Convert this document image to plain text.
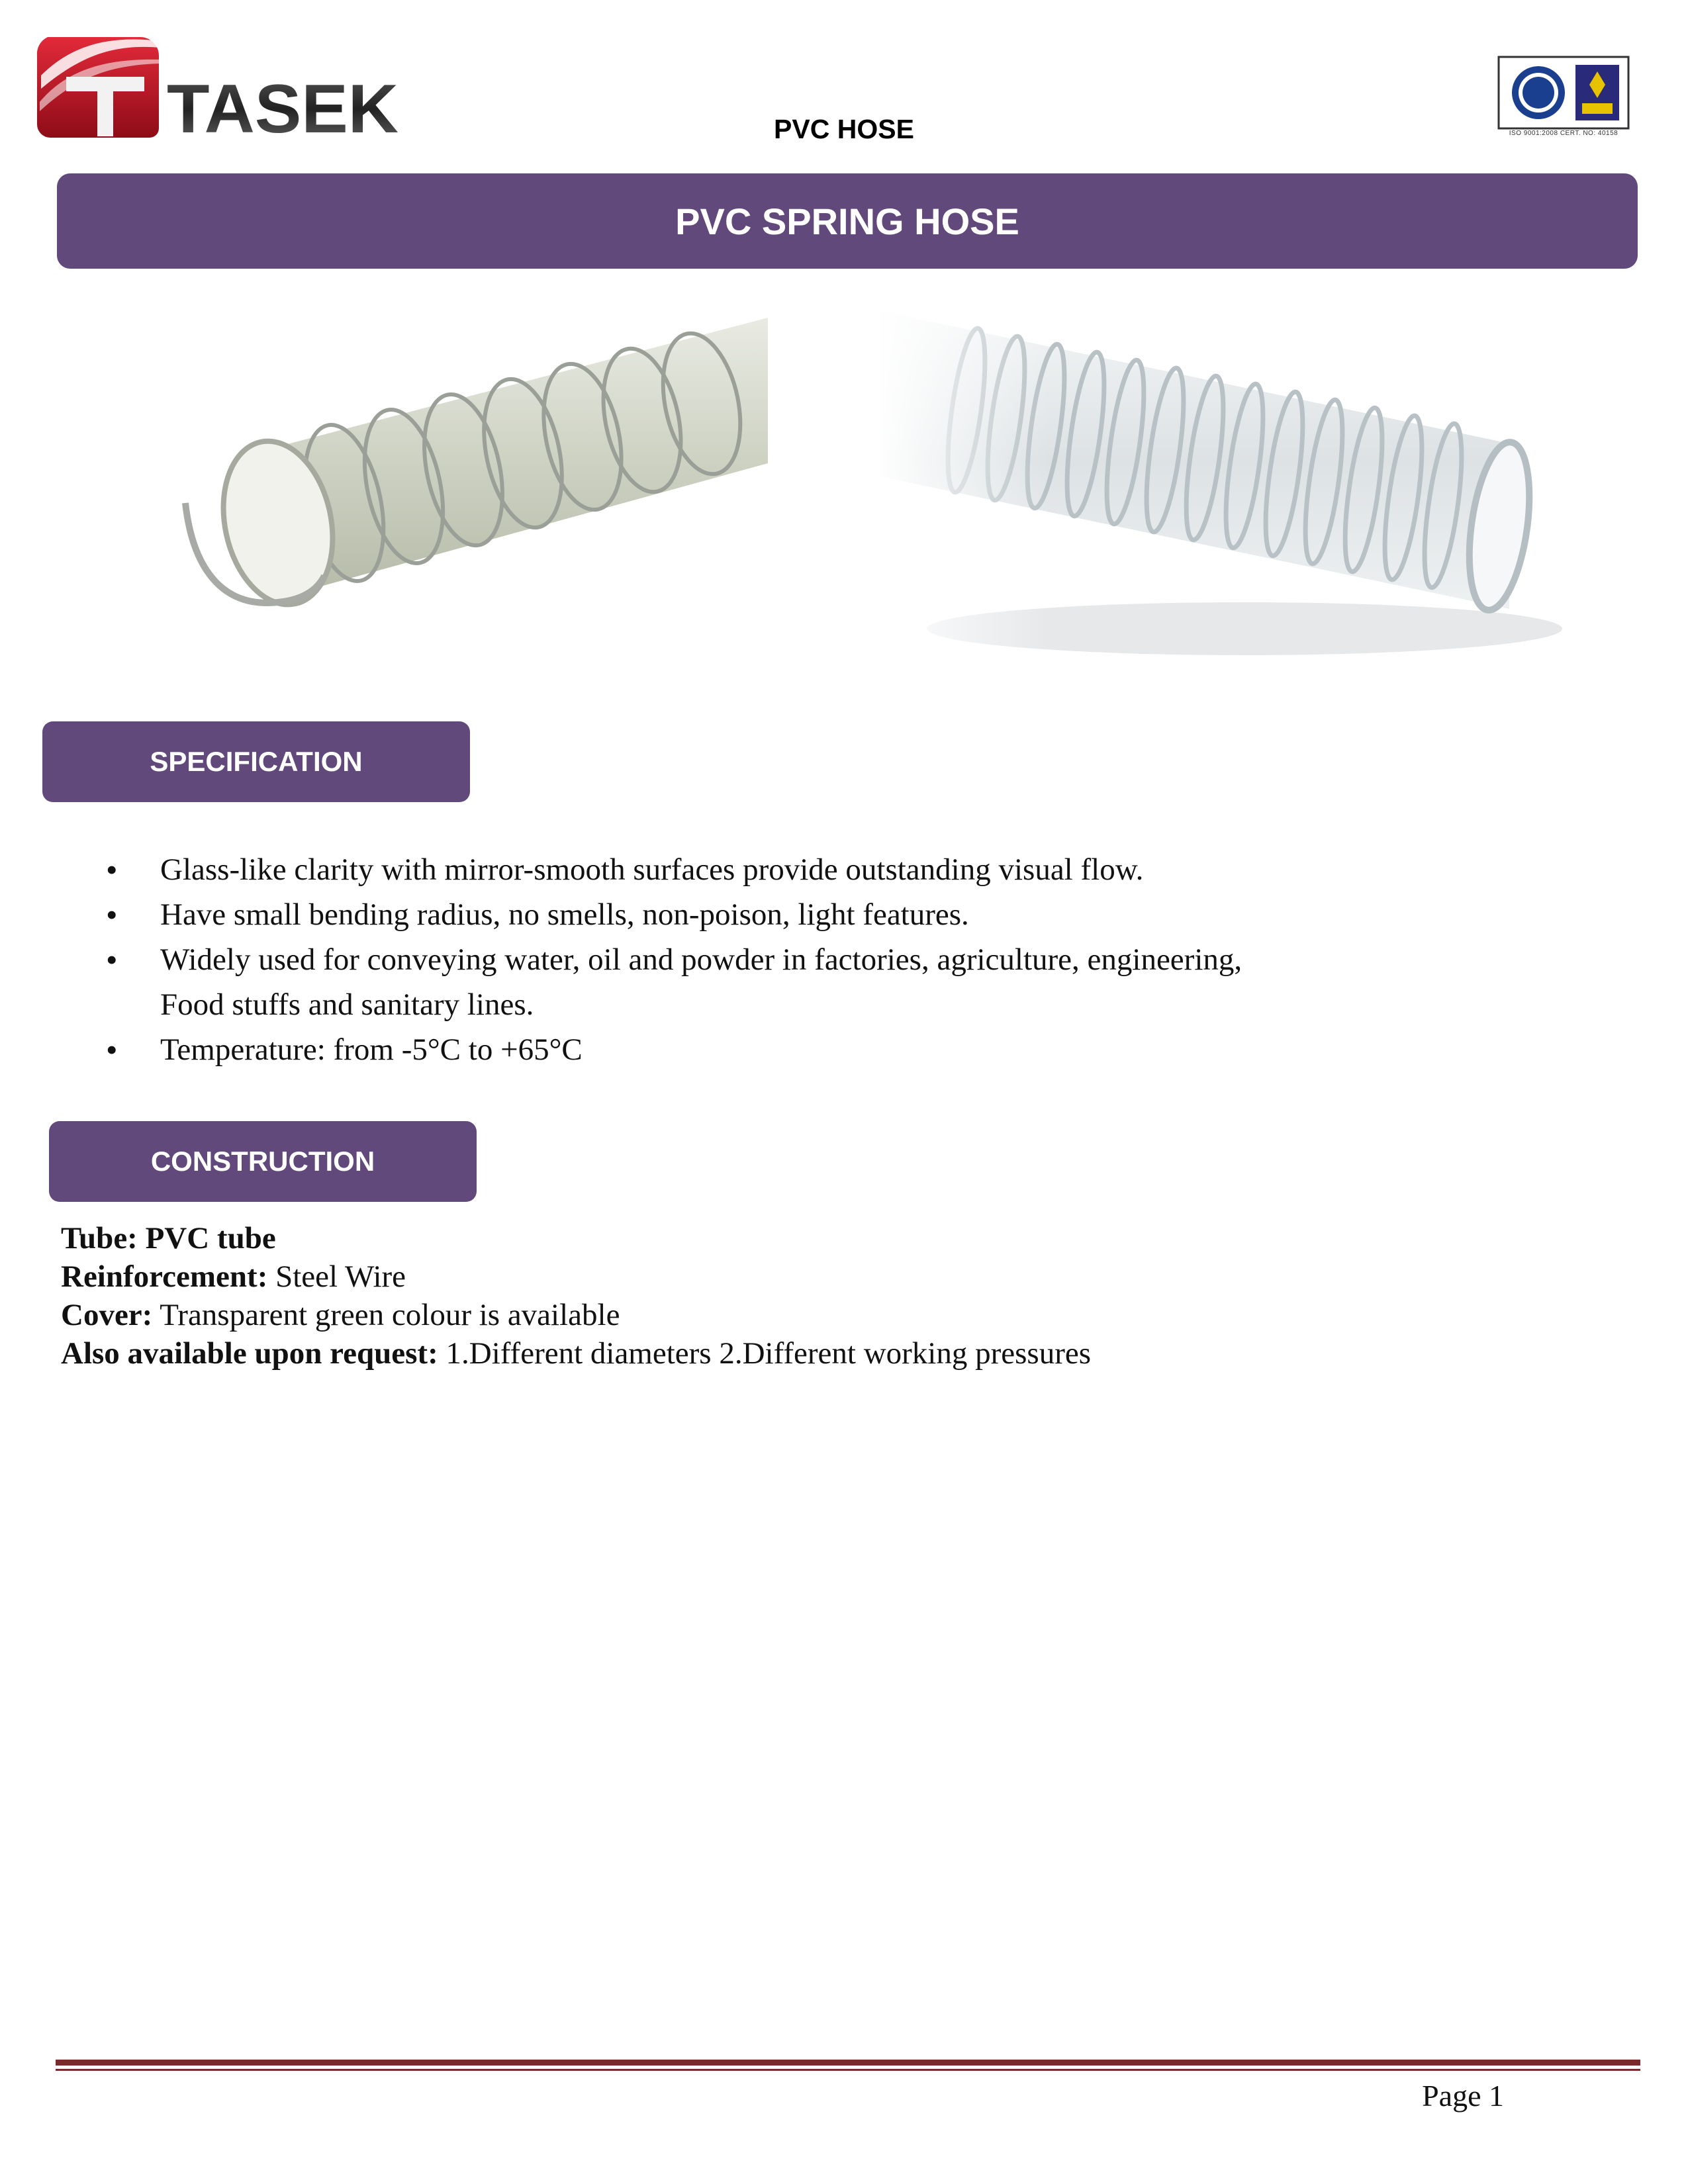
TASEK	PVC HOSE	ISO 9001:2008 CERT. NO: 40158
PVC SPRING HOSE
SPECIFICATION
• Glass-like clarity with mirror-smooth surfaces provide outstanding visual flow.
• Have small bending radius, no smells, non-poison, light features.
• Widely used for conveying water, oil and powder in factories, agriculture, engineering,
Food stuffs and sanitary lines.
• Temperature: from -5°C to +65°C
CONSTRUCTION
Tube: PVC tube
Reinforcement: Steel Wire
Cover: Transparent green colour is available
Also available upon request: 1.Different diameters 2.Different working pressures
Page 1
